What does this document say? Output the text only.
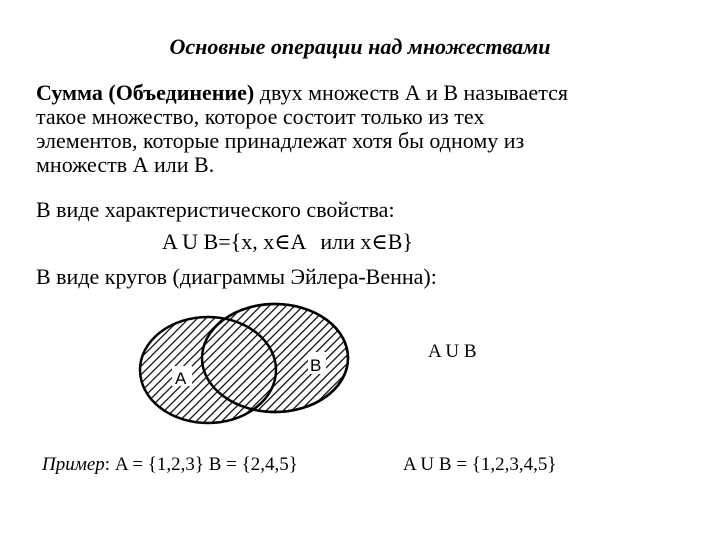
Основные операции над множествами
Сумма (Объединение) двух множеств А и В называется
такое множество, которое состоит только из тех
элементов, которые принадлежат хотя бы одному из
множеств А или В.
В виде характеристического свойства:
A U B={x, x∈A или x∈B}
В виде кругов (диаграммы Эйлера-Венна):
A
B
A U B
Пример: A = {1,2,3} B = {2,4,5}	A U B = {1,2,3,4,5}
